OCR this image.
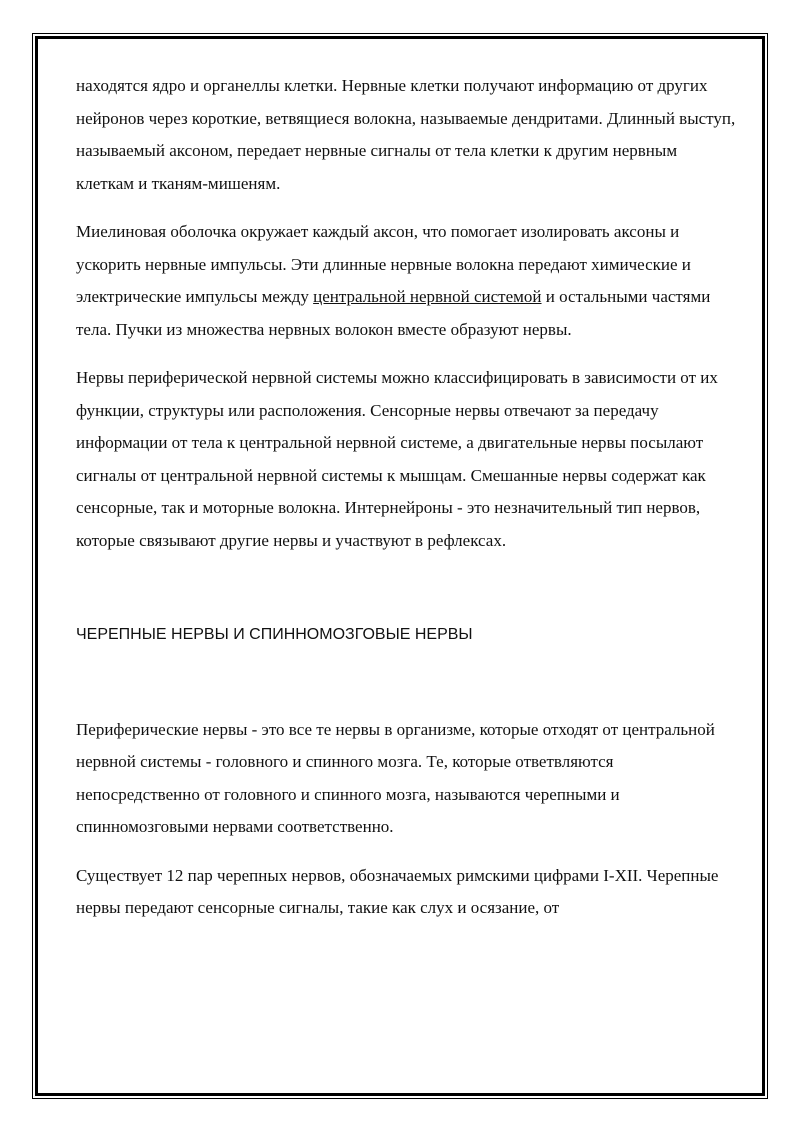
находятся ядро и органеллы клетки. Нервные клетки получают информацию от других нейронов через короткие, ветвящиеся волокна, называемые дендритами. Длинный выступ, называемый аксоном, передает нервные сигналы от тела клетки к другим нервным клеткам и тканям-мишеням.

Миелиновая оболочка окружает каждый аксон, что помогает изолировать аксоны и ускорить нервные импульсы. Эти длинные нервные волокна передают химические и электрические импульсы между центральной нервной системой и остальными частями тела. Пучки из множества нервных волокон вместе образуют нервы.

Нервы периферической нервной системы можно классифицировать в зависимости от их функции, структуры или расположения. Сенсорные нервы отвечают за передачу информации от тела к центральной нервной системе, а двигательные нервы посылают сигналы от центральной нервной системы к мышцам. Смешанные нервы содержат как сенсорные, так и моторные волокна. Интернейроны - это незначительный тип нервов, которые связывают другие нервы и участвуют в рефлексах.

ЧЕРЕПНЫЕ НЕРВЫ И СПИННОМОЗГОВЫЕ НЕРВЫ

Периферические нервы - это все те нервы в организме, которые отходят от центральной нервной системы - головного и спинного мозга. Те, которые ответвляются непосредственно от головного и спинного мозга, называются черепными и спинномозговыми нервами соответственно.

Существует 12 пар черепных нервов, обозначаемых римскими цифрами I-XII. Черепные нервы передают сенсорные сигналы, такие как слух и осязание, от
